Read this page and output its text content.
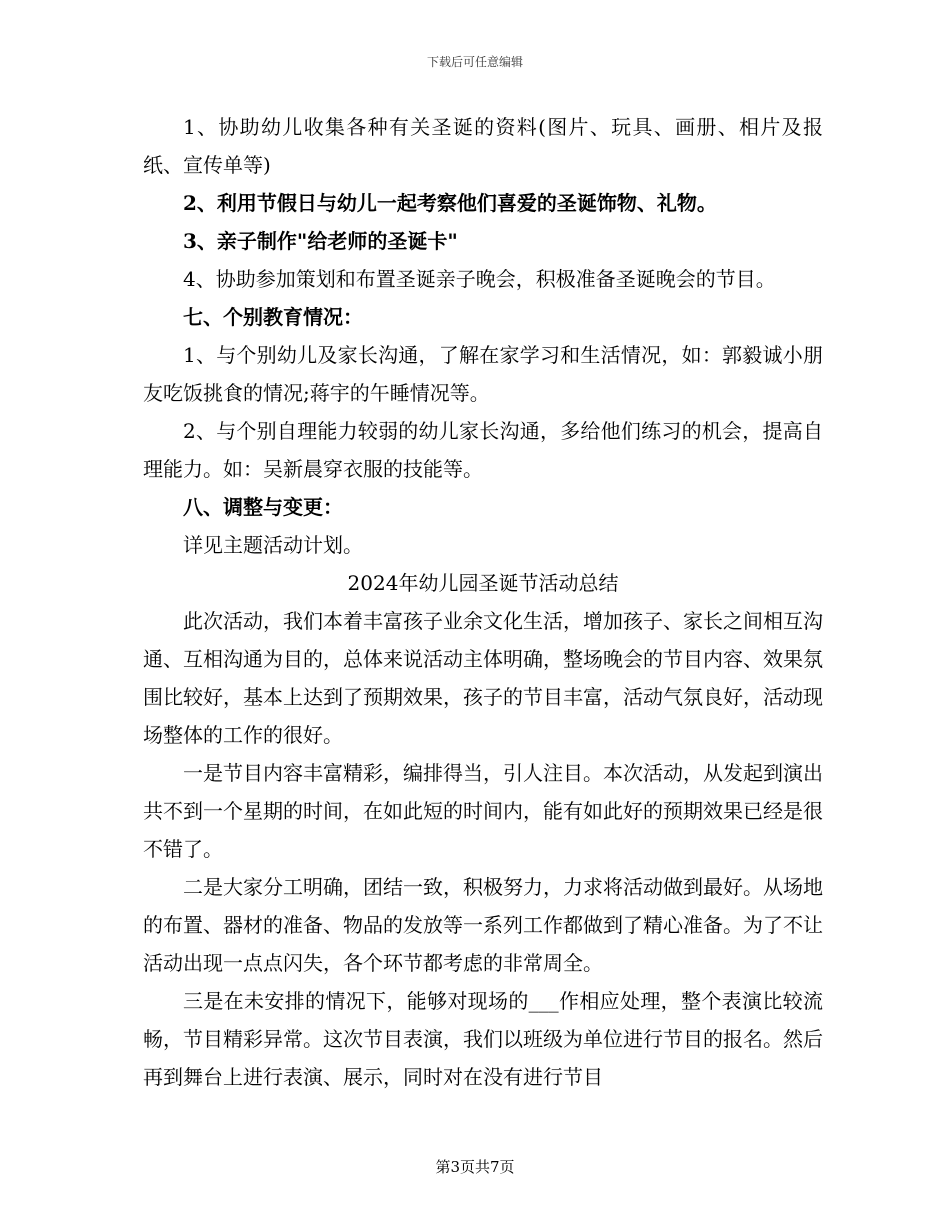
下载后可任意编辑

1、协助幼儿收集各种有关圣诞的资料(图片、玩具、画册、相片及报纸、宣传单等)

2、利用节假日与幼儿一起考察他们喜爱的圣诞饰物、礼物。

3、亲子制作"给老师的圣诞卡"

4、协助参加策划和布置圣诞亲子晚会，积极准备圣诞晚会的节目。

七、个别教育情况：

1、与个别幼儿及家长沟通，了解在家学习和生活情况，如：郭毅诚小朋友吃饭挑食的情况;蒋宇的午睡情况等。

2、与个别自理能力较弱的幼儿家长沟通，多给他们练习的机会，提高自理能力。如：吴新晨穿衣服的技能等。

八、调整与变更：

详见主题活动计划。

2024年幼儿园圣诞节活动总结

此次活动，我们本着丰富孩子业余文化生活，增加孩子、家长之间相互沟通、互相沟通为目的，总体来说活动主体明确，整场晚会的节目内容、效果氛围比较好，基本上达到了预期效果，孩子的节目丰富，活动气氛良好，活动现场整体的工作的很好。

一是节目内容丰富精彩，编排得当，引人注目。本次活动，从发起到演出共不到一个星期的时间，在如此短的时间内，能有如此好的预期效果已经是很不错了。

二是大家分工明确，团结一致，积极努力，力求将活动做到最好。从场地的布置、器材的准备、物品的发放等一系列工作都做到了精心准备。为了不让活动出现一点点闪失，各个环节都考虑的非常周全。

三是在未安排的情况下，能够对现场的___作相应处理，整个表演比较流畅，节目精彩异常。这次节目表演，我们以班级为单位进行节目的报名。然后再到舞台上进行表演、展示，同时对在没有进行节目

第3页共7页
